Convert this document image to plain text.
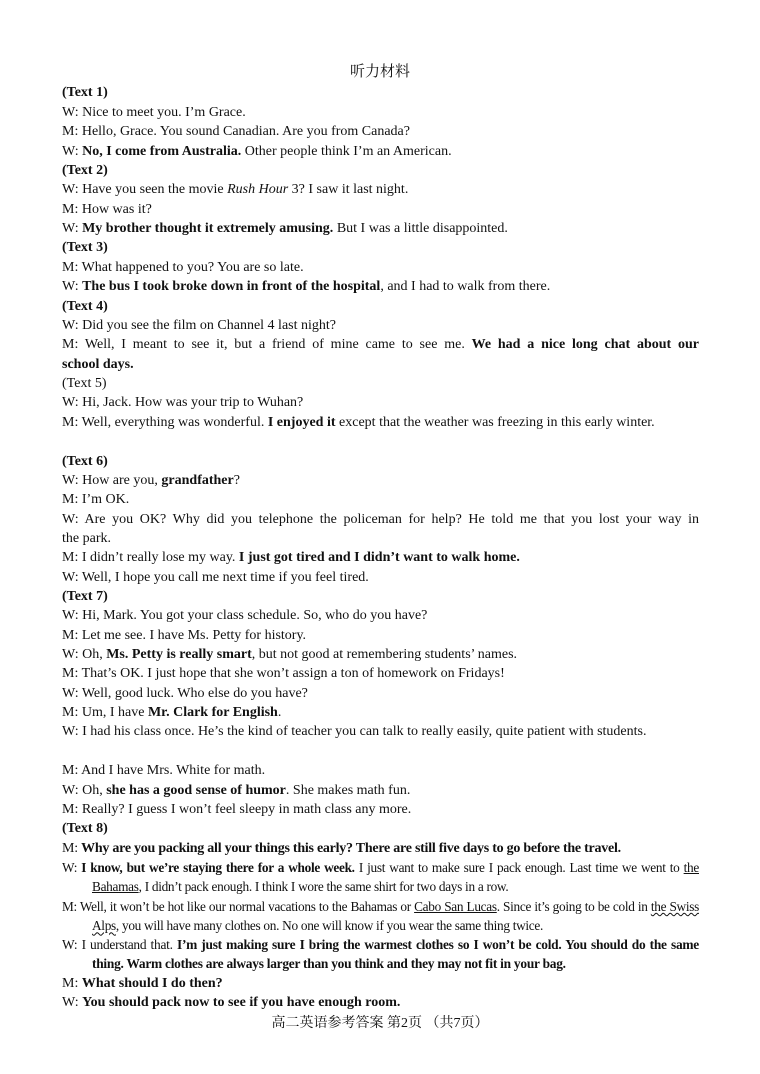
听力材料
(Text 1)
W: Nice to meet you. I’m Grace.
M: Hello, Grace. You sound Canadian. Are you from Canada?
W: No, I come from Australia. Other people think I’m an American.
(Text 2)
W: Have you seen the movie Rush Hour 3? I saw it last night.
M: How was it?
W: My brother thought it extremely amusing. But I was a little disappointed.
(Text 3)
M: What happened to you? You are so late.
W: The bus I took broke down in front of the hospital, and I had to walk from there.
(Text 4)
W: Did you see the film on Channel 4 last night?
M: Well, I meant to see it, but a friend of mine came to see me. We had a nice long chat about our
school days.
(Text 5)
W: Hi, Jack. How was your trip to Wuhan?
M: Well, everything was wonderful. I enjoyed it except that the weather was freezing in this early winter.
(Text 6)
W: How are you, grandfather?
M: I’m OK.
W: Are you OK? Why did you telephone the policeman for help? He told me that you lost your way in
the park.
M: I didn’t really lose my way. I just got tired and I didn’t want to walk home.
W: Well, I hope you call me next time if you feel tired.
(Text 7)
W: Hi, Mark. You got your class schedule. So, who do you have?
M: Let me see. I have Ms. Petty for history.
W: Oh, Ms. Petty is really smart, but not good at remembering students’ names.
M: That’s OK. I just hope that she won’t assign a ton of homework on Fridays!
W: Well, good luck. Who else do you have?
M: Um, I have Mr. Clark for English.
W: I had his class once. He’s the kind of teacher you can talk to really easily, quite patient with students.
M: And I have Mrs. White for math.
W: Oh, she has a good sense of humor. She makes math fun.
M: Really? I guess I won’t feel sleepy in math class any more.
(Text 8)
M: Why are you packing all your things this early? There are still five days to go before the travel.
W: I know, but we’re staying there for a whole week. I just want to make sure I pack enough. Last time we went to the Bahamas, I didn’t pack enough. I think I wore the same shirt for two days in a row.
M: Well, it won’t be hot like our normal vacations to the Bahamas or Cabo San Lucas. Since it’s going to be cold in the Swiss Alps, you will have many clothes on. No one will know if you wear the same thing twice.
W: I understand that. I’m just making sure I bring the warmest clothes so I won’t be cold. You should do the same thing. Warm clothes are always larger than you think and they may not fit in your bag.
M: What should I do then?
W: You should pack now to see if you have enough room.
高二英语参考答案 第2页 （共7页）
